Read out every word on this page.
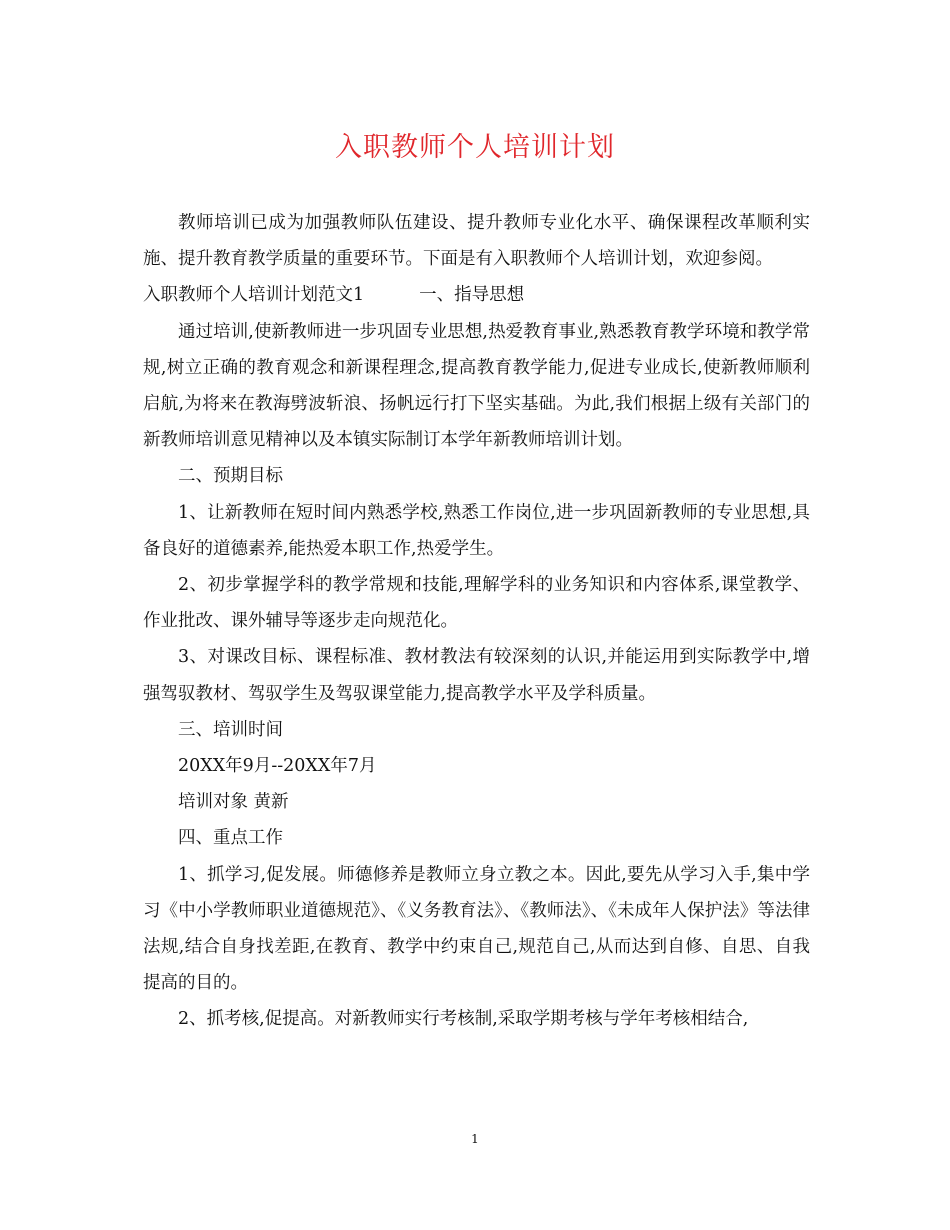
入职教师个人培训计划

教师培训已成为加强教师队伍建设、提升教师专业化水平、确保课程改革顺利实施、提升教育教学质量的重要环节。下面是有入职教师个人培训计划，欢迎参阅。

入职教师个人培训计划范文1	一、指导思想

通过培训,使新教师进一步巩固专业思想,热爱教育事业,熟悉教育教学环境和教学常规,树立正确的教育观念和新课程理念,提高教育教学能力,促进专业成长,使新教师顺利启航,为将来在教海劈波斩浪、扬帆远行打下坚实基础。为此,我们根据上级有关部门的新教师培训意见精神以及本镇实际制订本学年新教师培训计划。

二、预期目标

1、让新教师在短时间内熟悉学校,熟悉工作岗位,进一步巩固新教师的专业思想,具备良好的道德素养,能热爱本职工作,热爱学生。

2、初步掌握学科的教学常规和技能,理解学科的业务知识和内容体系,课堂教学、作业批改、课外辅导等逐步走向规范化。

3、对课改目标、课程标准、教材教法有较深刻的认识,并能运用到实际教学中,增强驾驭教材、驾驭学生及驾驭课堂能力,提高教学水平及学科质量。

三、培训时间

20XX年9月--20XX年7月

培训对象 黄新

四、重点工作

1、抓学习,促发展。师德修养是教师立身立教之本。因此,要先从学习入手,集中学习《中小学教师职业道德规范》、《义务教育法》、《教师法》、《未成年人保护法》等法律法规,结合自身找差距,在教育、教学中约束自己,规范自己,从而达到自修、自思、自我提高的目的。

2、抓考核,促提高。对新教师实行考核制,采取学期考核与学年考核相结合,

1
